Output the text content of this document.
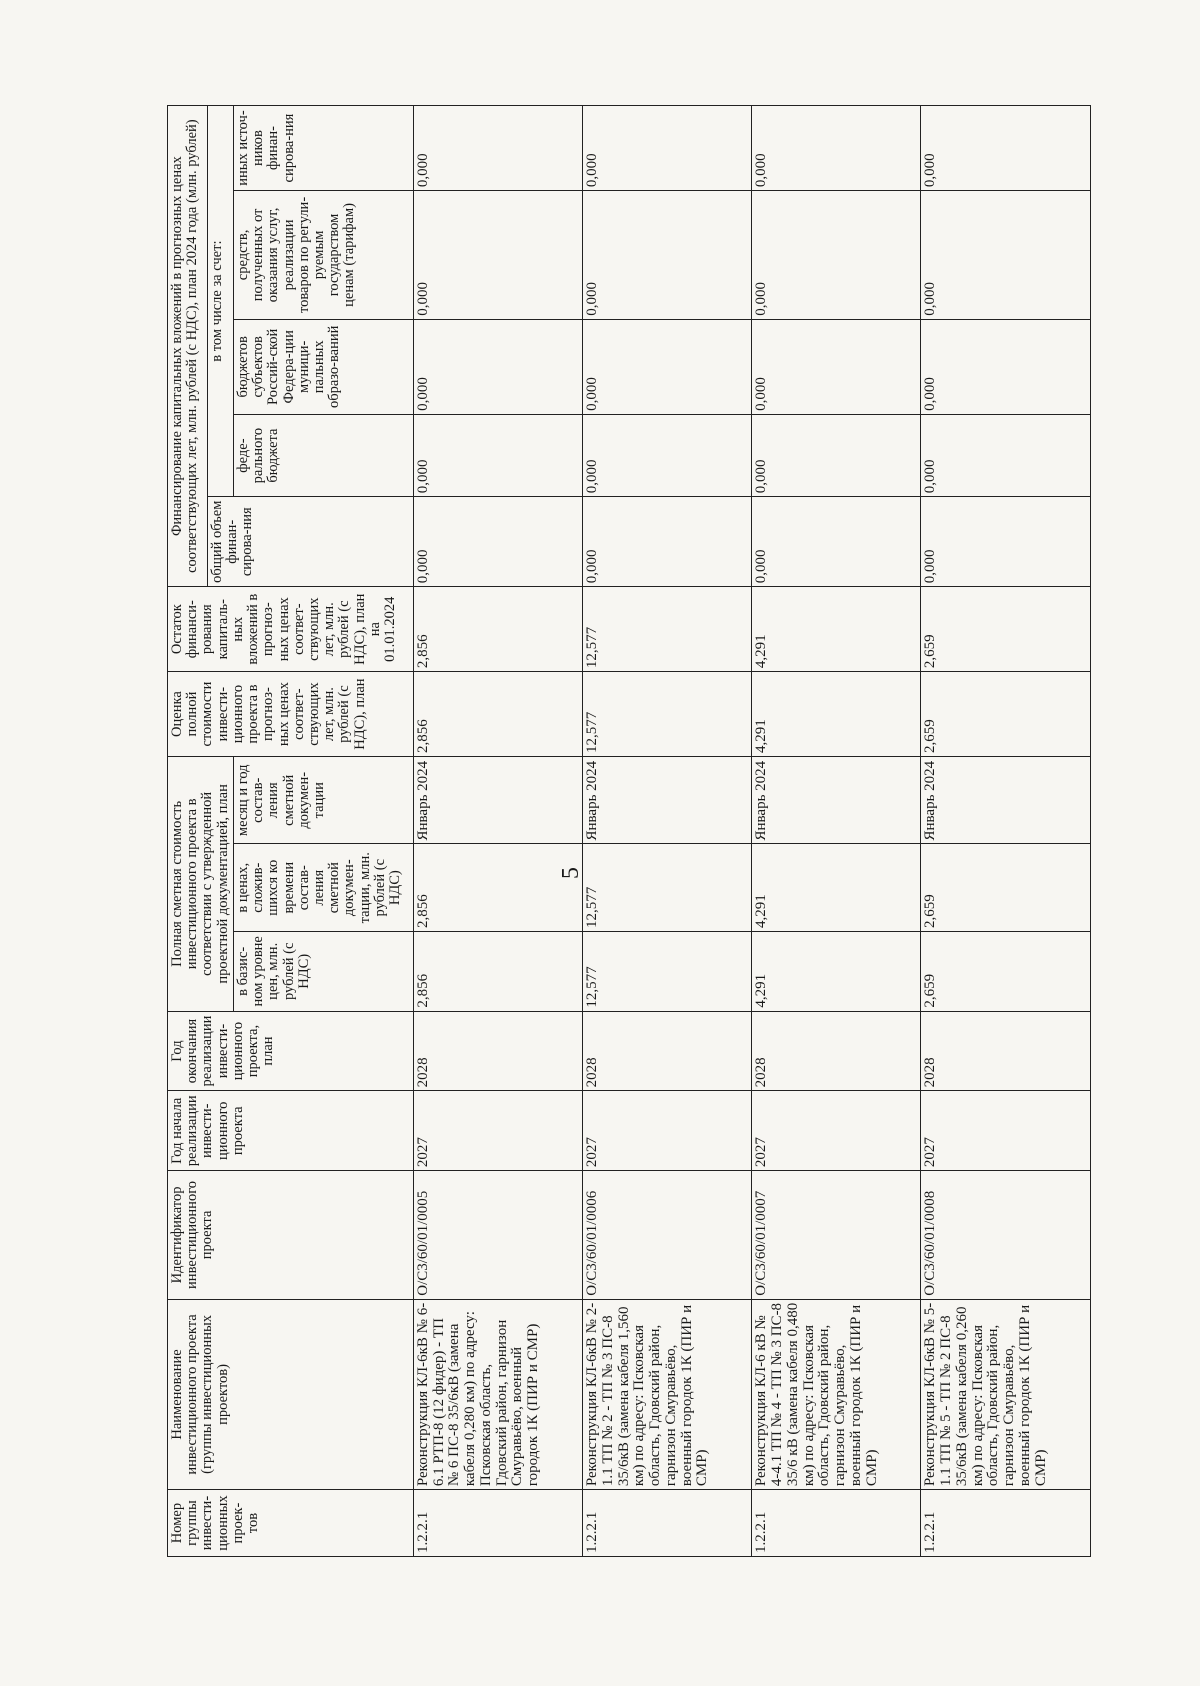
5
Номер группы инвести-ционных проек-тов	Наименование инвестиционного проекта (группы инвестиционных проектов)	Идентификатор инвестиционного проекта	Год начала реализации инвести-ционного проекта	Год окончания реализации инвести-ционного проекта, план	Полная сметная стоимость инвестиционного проекта в соответствии с утвержденной проектной документацией, план			Оценка полной стоимости инвести-ционного проекта в прогноз-ных ценах соответ-ствующих лет, млн. рублей (с НДС), план	Остаток финанси-рования капиталь-ных вложений в прогноз-ных ценах соответ-ствующих лет, млн. рублей (с НДС), план на 01.01.2024	Финансирование капитальных вложений в прогнозных ценах соответствующих лет, млн. рублей (с НДС), план 2024 года (млн. рублей)				
										общий объем финан-сирова-ния	в том числе за счет:			
					в базис-ном уровне цен, млн. рублей (с НДС)	в ценах, сложив-шихся ко времени состав-ления сметной докумен-тации, млн. рублей (с НДС)	месяц и год состав-ления сметной докумен-тации				феде-рального бюджета	бюджетов субъектов Россий-ской Федера-ции муници-пальных образо-ваний	средств, полученных от оказания услуг, реализации товаров по регули-руемым государством ценам (тарифам)	иных источ-ников финан-сирова-ния

1.2.2.1	Реконструкция КЛ-6кВ № 6-6.1 РТП-8 (12 фидер) - ТП № 6 ПС-8 35/6кВ (замена кабеля 0,280 км) по адресу: Псковская область, Гдовский район, гарнизон Смуравьёво, военный городок 1К (ПИР и СМР)	O/C3/60/01/0005	2027	2028	2,856	2,856	Январь 2024	2,856	2,856	0,000	0,000	0,000	0,000	0,000
1.2.2.1	Реконструкция КЛ-6кВ № 2-1.1 ТП № 2 - ТП № 3 ПС-8 35/6кВ (замена кабеля 1,560 км) по адресу: Псковская область, Гдовский район, гарнизон Смуравьёво, военный городок 1К (ПИР и СМР)	O/C3/60/01/0006	2027	2028	12,577	12,577	Январь 2024	12,577	12,577	0,000	0,000	0,000	0,000	0,000
1.2.2.1	Реконструкция КЛ-6 кВ № 4-4.1 ТП № 4 - ТП № 3 ПС-8 35/6 кВ (замена кабеля 0,480 км) по адресу: Псковская область, Гдовский район, гарнизон Смуравьёво, военный городок 1К (ПИР и СМР)	O/C3/60/01/0007	2027	2028	4,291	4,291	Январь 2024	4,291	4,291	0,000	0,000	0,000	0,000	0,000
1.2.2.1	Реконструкция КЛ-6кВ № 5-1.1 ТП № 5 - ТП № 2 ПС-8 35/6кВ (замена кабеля 0,260 км) по адресу: Псковская область, Гдовский район, гарнизон Смуравьёво, военный городок 1К (ПИР и СМР)	O/C3/60/01/0008	2027	2028	2,659	2,659	Январь 2024	2,659	2,659	0,000	0,000	0,000	0,000	0,000
